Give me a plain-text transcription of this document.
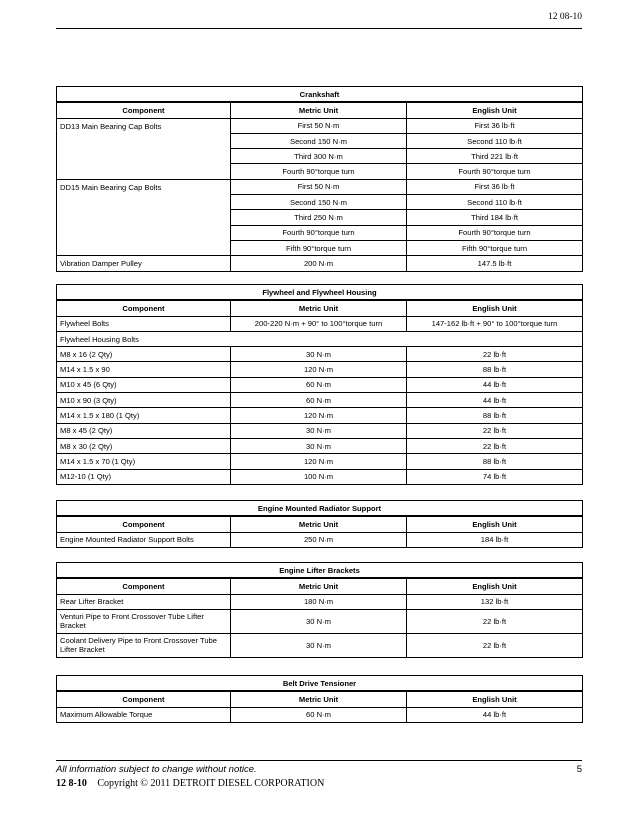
12 08-10
Crankshaft		
Component	Metric Unit	English Unit
DD13 Main Bearing Cap Bolts	First 50 N·m	First 36 lb·ft
	Second 150 N·m	Second 110 lb·ft
	Third 300 N·m	Third 221 lb·ft
	Fourth 90°torque turn	Fourth 90°torque turn
DD15 Main Bearing Cap Bolts	First 50 N·m	First 36 lb·ft
	Second 150 N·m	Second 110 lb·ft
	Third 250 N·m	Third 184 lb·ft
	Fourth 90°torque turn	Fourth 90°torque turn
	Fifth 90°torque turn	Fifth 90°torque turn
Vibration Damper Pulley	200 N·m	147.5 lb·ft
Flywheel and Flywheel Housing		
Component	Metric Unit	English Unit
Flywheel Bolts	200-220 N·m + 90° to 100°torque turn	147-162 lb·ft + 90° to 100°torque turn
Flywheel Housing Bolts		
M8 x 16 (2 Qty)	30 N·m	22 lb·ft
M14 x 1.5 x 90	120 N·m	88 lb·ft
M10 x 45 (6 Qty)	60 N·m	44 lb·ft
M10 x 90 (3 Qty)	60 N·m	44 lb·ft
M14 x 1.5 x 180 (1 Qty)	120 N·m	88 lb·ft
M8 x 45 (2 Qty)	30 N·m	22 lb·ft
M8 x 30 (2 Qty)	30 N·m	22 lb·ft
M14 x 1.5 x 70 (1 Qty)	120 N·m	88 lb·ft
M12-10 (1 Qty)	100 N·m	74 lb·ft
Engine Mounted Radiator Support		
Component	Metric Unit	English Unit
Engine Mounted Radiator Support Bolts	250 N·m	184 lb·ft
Engine Lifter Brackets		
Component	Metric Unit	English Unit
Rear Lifter Bracket	180 N·m	132 lb·ft
Venturi Pipe to Front Crossover Tube Lifter Bracket	30 N·m	22 lb·ft
Coolant Delivery Pipe to Front Crossover Tube Lifter Bracket	30 N·m	22 lb·ft
Belt Drive Tensioner		
Component	Metric Unit	English Unit
Maximum Allowable Torque	60 N·m	44 lb·ft
All information subject to change without notice.	5
12 8-10 Copyright © 2011 DETROIT DIESEL CORPORATION
